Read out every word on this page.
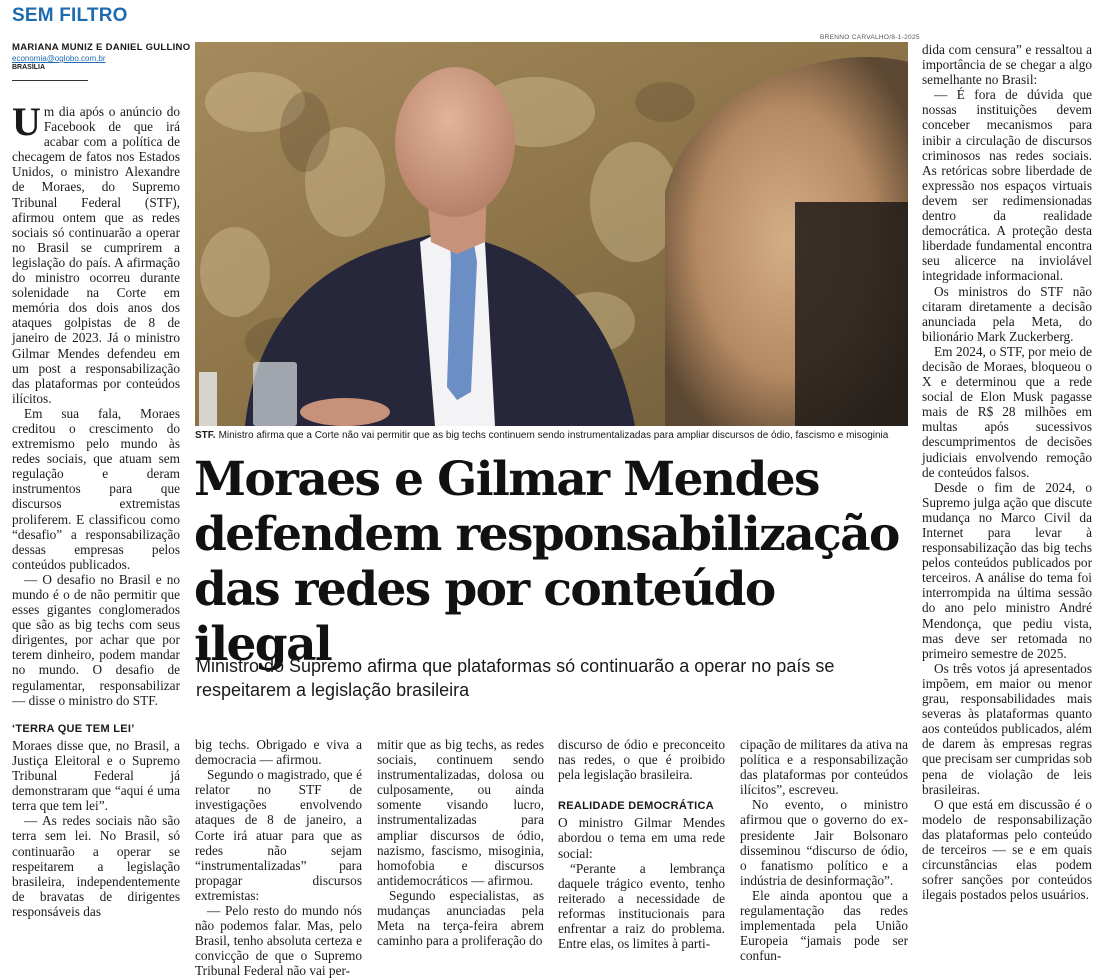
SEM FILTRO
MARIANA MUNIZ E DANIEL GULLINO
economia@oglobo.com.br
BRASÍLIA

Um dia após o anúncio do Facebook de que irá acabar com a política de checagem de fatos nos Estados Unidos, o ministro Alexandre de Moraes, do Supremo Tribunal Federal (STF), afirmou ontem que as redes sociais só continuarão a operar no Brasil se cumprirem a legislação do país. A afirmação do ministro ocorreu durante solenidade na Corte em memória dos dois anos dos ataques golpistas de 8 de janeiro de 2023. Já o ministro Gilmar Mendes defendeu em um post a responsabilização das plataformas por conteúdos ilícitos.

Em sua fala, Moraes creditou o crescimento do extremismo pelo mundo às redes sociais, que atuam sem regulação e deram instrumentos para que discursos extremistas proliferem. E classificou como “desafio” a responsabilização dessas empresas pelos conteúdos publicados.

— O desafio no Brasil e no mundo é o de não permitir que esses gigantes conglomerados que são as big techs com seus dirigentes, por achar que por terem dinheiro, podem mandar no mundo. O desafio de regulamentar, responsabilizar — disse o ministro do STF.

‘TERRA QUE TEM LEI’

Moraes disse que, no Brasil, a Justiça Eleitoral e o Supremo Tribunal Federal já demonstraram que “aqui é uma terra que tem lei”.

— As redes sociais não são terra sem lei. No Brasil, só continuarão a operar se respeitarem a legislação brasileira, independentemente de bravatas de dirigentes responsáveis das

BRENNO CARVALHO/8-1-2025
STF. Ministro afirma que a Corte não vai permitir que as big techs continuem sendo instrumentalizadas para ampliar discursos de ódio, fascismo e misoginia
Moraes e Gilmar Mendes defendem responsabilização das redes por conteúdo ilegal
Ministro do Supremo afirma que plataformas só continuarão a operar no país se respeitarem a legislação brasileira

big techs. Obrigado e viva a democracia — afirmou.

Segundo o magistrado, que é relator no STF de investigações envolvendo ataques de 8 de janeiro, a Corte irá atuar para que as redes não sejam “instrumentalizadas” para propagar discursos extremistas:

— Pelo resto do mundo nós não podemos falar. Mas, pelo Brasil, tenho absoluta certeza e convicção de que o Supremo Tribunal Federal não vai per-

mitir que as big techs, as redes sociais, continuem sendo instrumentalizadas, dolosa ou culposamente, ou ainda somente visando lucro, instrumentalizadas para ampliar discursos de ódio, nazismo, fascismo, misoginia, homofobia e discursos antidemocráticos — afirmou.

Segundo especialistas, as mudanças anunciadas pela Meta na terça-feira abrem caminho para a proliferação do

discurso de ódio e preconceito nas redes, o que é proibido pela legislação brasileira.

REALIDADE DEMOCRÁTICA

O ministro Gilmar Mendes abordou o tema em uma rede social:

“Perante a lembrança daquele trágico evento, tenho reiterado a necessidade de reformas institucionais para enfrentar a raiz do problema. Entre elas, os limites à parti-

cipação de militares da ativa na política e a responsabilização das plataformas por conteúdos ilícitos”, escreveu.

No evento, o ministro afirmou que o governo do ex-presidente Jair Bolsonaro disseminou “discurso de ódio, o fanatismo político e a indústria de desinformação”.

Ele ainda apontou que a regulamentação das redes implementada pela União Europeia “jamais pode ser confun-

dida com censura” e ressaltou a importância de se chegar a algo semelhante no Brasil:

— É fora de dúvida que nossas instituições devem conceber mecanismos para inibir a circulação de discursos criminosos nas redes sociais. As retóricas sobre liberdade de expressão nos espaços virtuais devem ser redimensionadas dentro da realidade democrática. A proteção desta liberdade fundamental encontra seu alicerce na inviolável integridade informacional.

Os ministros do STF não citaram diretamente a decisão anunciada pela Meta, do bilionário Mark Zuckerberg.

Em 2024, o STF, por meio de decisão de Moraes, bloqueou o X e determinou que a rede social de Elon Musk pagasse mais de R$ 28 milhões em multas após sucessivos descumprimentos de decisões judiciais envolvendo remoção de conteúdos falsos.

Desde o fim de 2024, o Supremo julga ação que discute mudança no Marco Civil da Internet para levar à responsabilização das big techs pelos conteúdos publicados por terceiros. A análise do tema foi interrompida na última sessão do ano pelo ministro André Mendonça, que pediu vista, mas deve ser retomada no primeiro semestre de 2025.

Os três votos já apresentados impõem, em maior ou menor grau, responsabilidades mais severas às plataformas quanto aos conteúdos publicados, além de darem às empresas regras que precisam ser cumpridas sob pena de violação de leis brasileiras.

O que está em discussão é o modelo de responsabilização das plataformas pelo conteúdo de terceiros — se e em quais circunstâncias elas podem sofrer sanções por conteúdos ilegais postados pelos usuários.
